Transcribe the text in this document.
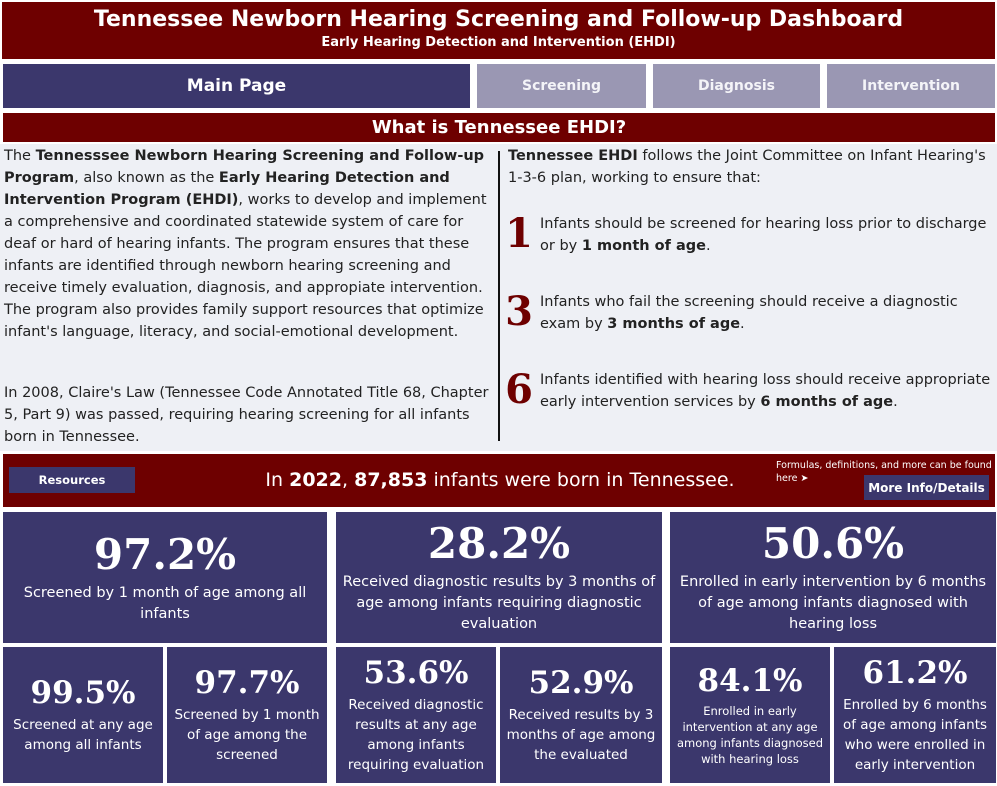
Tennessee Newborn Hearing Screening and Follow-up Dashboard
Early Hearing Detection and Intervention (EHDI)
Main Page	Screening	Diagnosis	Intervention
What is Tennessee EHDI?
The Tennesssee Newborn Hearing Screening and Follow-up Program, also known as the Early Hearing Detection and Intervention Program (EHDI), works to develop and implement a comprehensive and coordinated statewide system of care for deaf or hard of hearing infants. The program ensures that these infants are identified through newborn hearing screening and receive timely evaluation, diagnosis, and appropiate intervention. The program also provides family support resources that optimize infant's language, literacy, and social-emotional development.
In 2008, Claire's Law (Tennessee Code Annotated Title 68, Chapter 5, Part 9) was passed, requiring hearing screening for all infants born in Tennessee.
Tennessee EHDI follows the Joint Committee on Infant Hearing's 1-3-6 plan, working to ensure that:
1 Infants should be screened for hearing loss prior to discharge or by 1 month of age.
3 Infants who fail the screening should receive a diagnostic exam by 3 months of age.
6 Infants identified with hearing loss should receive appropriate early intervention services by 6 months of age.
Resources	In 2022, 87,853 infants were born in Tennessee.
Formulas, definitions, and more can be found here ➤
More Info/Details
97.2%
Screened by 1 month of age among all infants
28.2%
Received diagnostic results by 3 months of age among infants requiring diagnostic evaluation
50.6%
Enrolled in early intervention by 6 months of age among infants diagnosed with hearing loss
99.5%
Screened at any age among all infants
97.7%
Screened by 1 month of age among the screened
53.6%
Received diagnostic results at any age among infants requiring evaluation
52.9%
Received results by 3 months of age among the evaluated
84.1%
Enrolled in early intervention at any age among infants diagnosed with hearing loss
61.2%
Enrolled by 6 months of age among infants who were enrolled in early intervention
